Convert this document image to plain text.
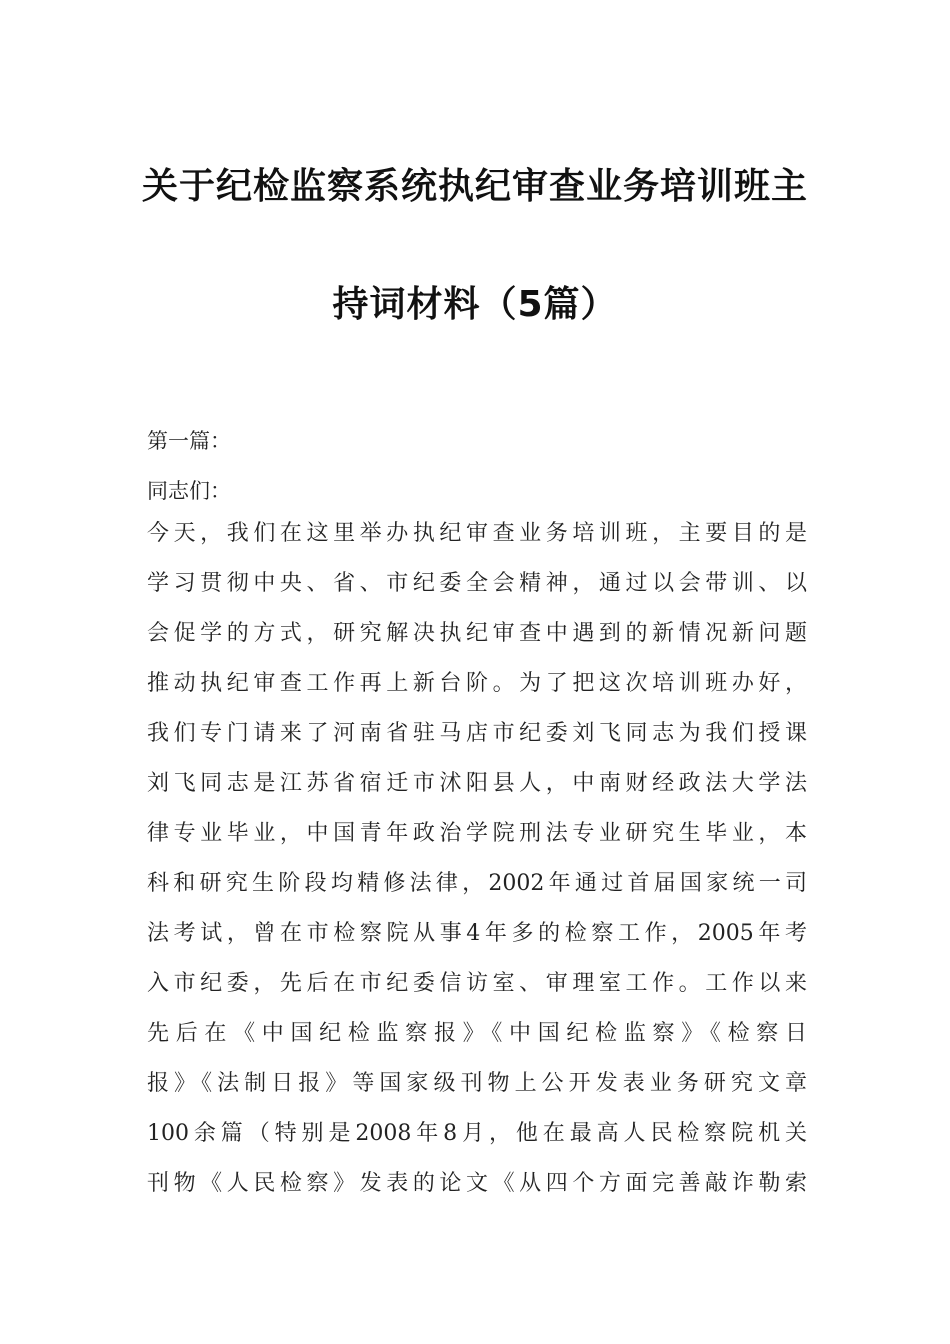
关于纪检监察系统执纪审查业务培训班主
持词材料（5篇）
第一篇：
同志们：
今天，我们在这里举办执纪审查业务培训班，主要目的是
学习贯彻中央、省、市纪委全会精神，通过以会带训、以
会促学的方式，研究解决执纪审查中遇到的新情况新问题
推动执纪审查工作再上新台阶。为了把这次培训班办好，
我们专门请来了河南省驻马店市纪委刘飞同志为我们授课
刘飞同志是江苏省宿迁市沭阳县人，中南财经政法大学法
律专业毕业，中国青年政治学院刑法专业研究生毕业，本
科和研究生阶段均精修法律，2002年通过首届国家统一司
法考试，曾在市检察院从事4年多的检察工作，2005年考
入市纪委，先后在市纪委信访室、审理室工作。工作以来
先后在《中国纪检监察报》《中国纪检监察》《检察日
报》《法制日报》等国家级刊物上公开发表业务研究文章
100余篇（特别是2008年8月，他在最高人民检察院机关
刊物《人民检察》发表的论文《从四个方面完善敲诈勒索
